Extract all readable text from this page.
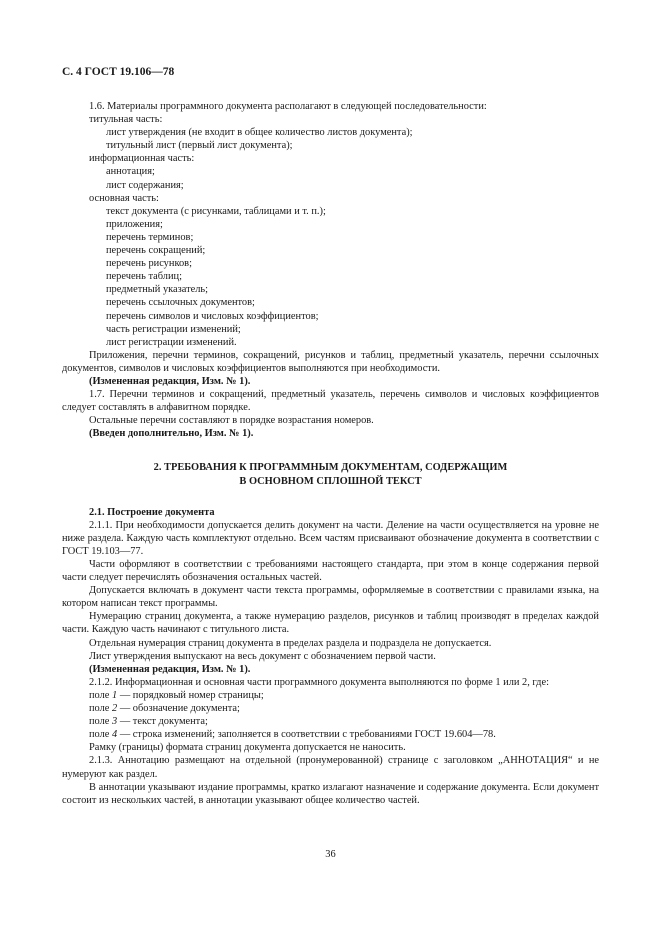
С. 4 ГОСТ 19.106—78
1.6. Материалы программного документа располагают в следующей последовательности:
титульная часть:
лист утверждения (не входит в общее количество листов документа);
титульный лист (первый лист документа);
информационная часть:
аннотация;
лист содержания;
основная часть:
текст документа (с рисунками, таблицами и т. п.);
приложения;
перечень терминов;
перечень сокращений;
перечень рисунков;
перечень таблиц;
предметный указатель;
перечень ссылочных документов;
перечень символов и числовых коэффициентов;
часть регистрации изменений;
лист регистрации изменений.
Приложения, перечни терминов, сокращений, рисунков и таблиц, предметный указатель, перечни ссылочных документов, символов и числовых коэффициентов выполняются при необходимости.
(Измененная редакция, Изм. № 1).
1.7. Перечни терминов и сокращений, предметный указатель, перечень символов и числовых коэффициентов следует составлять в алфавитном порядке.
Остальные перечни составляют в порядке возрастания номеров.
(Введен дополнительно, Изм. № 1).
2. ТРЕБОВАНИЯ К ПРОГРАММНЫМ ДОКУМЕНТАМ, СОДЕРЖАЩИМ
В ОСНОВНОМ СПЛОШНОЙ ТЕКСТ
2.1. Построение документа
2.1.1. При необходимости допускается делить документ на части. Деление на части осуществляется на уровне не ниже раздела. Каждую часть комплектуют отдельно. Всем частям присваивают обозначение документа в соответствии с ГОСТ 19.103—77.
Части оформляют в соответствии с требованиями настоящего стандарта, при этом в конце содержания первой части следует перечислять обозначения остальных частей.
Допускается включать в документ части текста программы, оформляемые в соответствии с правилами языка, на котором написан текст программы.
Нумерацию страниц документа, а также нумерацию разделов, рисунков и таблиц производят в пределах каждой части. Каждую часть начинают с титульного листа.
Отдельная нумерация страниц документа в пределах раздела и подраздела не допускается.
Лист утверждения выпускают на весь документ с обозначением первой части.
(Измененная редакция, Изм. № 1).
2.1.2. Информационная и основная части программного документа выполняются по форме 1 или 2, где:
поле 1 — порядковый номер страницы;
поле 2 — обозначение документа;
поле 3 — текст документа;
поле 4 — строка изменений; заполняется в соответствии с требованиями ГОСТ 19.604—78.
Рамку (границы) формата страниц документа допускается не наносить.
2.1.3. Аннотацию размещают на отдельной (пронумерованной) странице с заголовком „АННОТАЦИЯ“ и не нумеруют как раздел.
В аннотации указывают издание программы, кратко излагают назначение и содержание документа. Если документ состоит из нескольких частей, в аннотации указывают общее количество частей.
36
